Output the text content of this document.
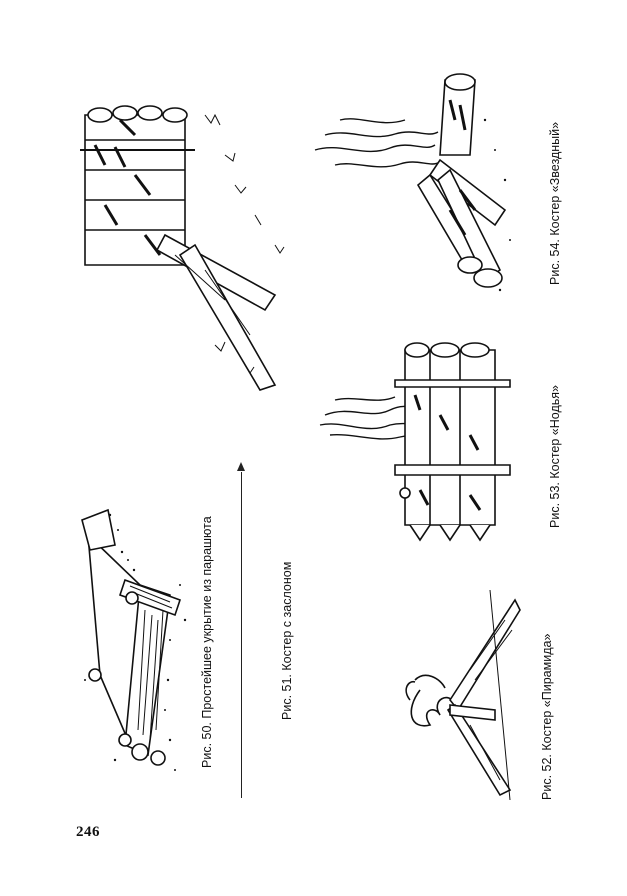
Рис. 50. Простейшее укрытие из парашюта	Рис. 51. Костер с заслоном	Рис. 52. Костер «Пирамида»
Рис. 53. Костер «Нодья»
Рис. 54. Костер «Звездный»
246
